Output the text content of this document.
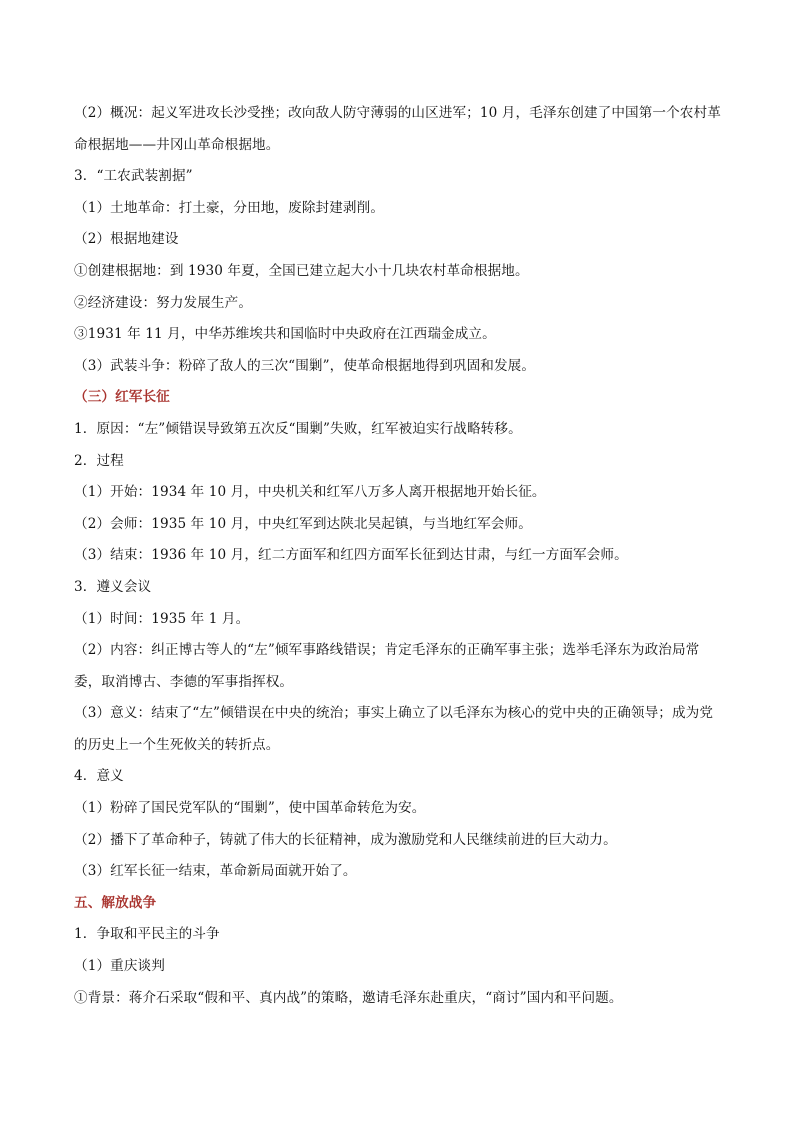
（2）概况：起义军进攻长沙受挫；改向敌人防守薄弱的山区进军；10 月，毛泽东创建了中国第一个农村革命根据地——井冈山革命根据地。
3．“工农武装割据”
（1）土地革命：打土豪，分田地，废除封建剥削。
（2）根据地建设
①创建根据地：到 1930 年夏，全国已建立起大小十几块农村革命根据地。
②经济建设：努力发展生产。
③1931 年 11 月，中华苏维埃共和国临时中央政府在江西瑞金成立。
（3）武装斗争：粉碎了敌人的三次“围剿”，使革命根据地得到巩固和发展。
（三）红军长征
1．原因：“左”倾错误导致第五次反“围剿”失败，红军被迫实行战略转移。
2．过程
（1）开始：1934 年 10 月，中央机关和红军八万多人离开根据地开始长征。
（2）会师：1935 年 10 月，中央红军到达陕北吴起镇，与当地红军会师。
（3）结束：1936 年 10 月，红二方面军和红四方面军长征到达甘肃，与红一方面军会师。
3．遵义会议
（1）时间：1935 年 1 月。
（2）内容：纠正博古等人的“左”倾军事路线错误；肯定毛泽东的正确军事主张；选举毛泽东为政治局常委，取消博古、李德的军事指挥权。
（3）意义：结束了“左”倾错误在中央的统治；事实上确立了以毛泽东为核心的党中央的正确领导；成为党的历史上一个生死攸关的转折点。
4．意义
（1）粉碎了国民党军队的“围剿”，使中国革命转危为安。
（2）播下了革命种子，铸就了伟大的长征精神，成为激励党和人民继续前进的巨大动力。
（3）红军长征一结束，革命新局面就开始了。
五、解放战争
1．争取和平民主的斗争
（1）重庆谈判
①背景：蒋介石采取“假和平、真内战”的策略，邀请毛泽东赴重庆，“商讨”国内和平问题。
